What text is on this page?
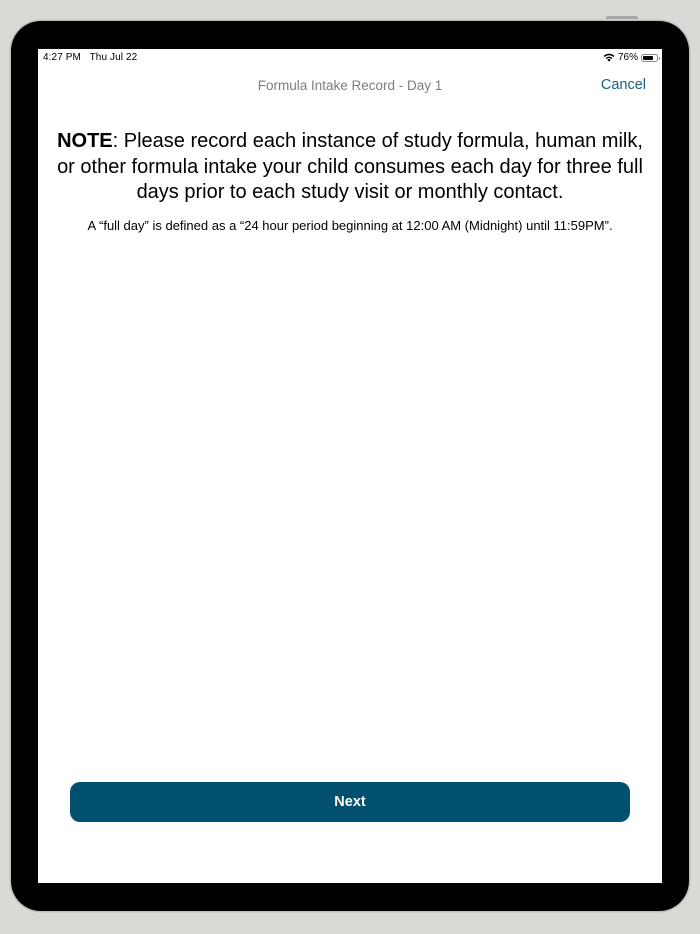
4:27 PM Thu Jul 22	76%
Formula Intake Record - Day 1	Cancel

NOTE: Please record each instance of study formula, human milk, or other formula intake your child consumes each day for three full days prior to each study visit or monthly contact.

A “full day” is defined as a “24 hour period beginning at 12:00 AM (Midnight) until 11:59PM”.

Next
